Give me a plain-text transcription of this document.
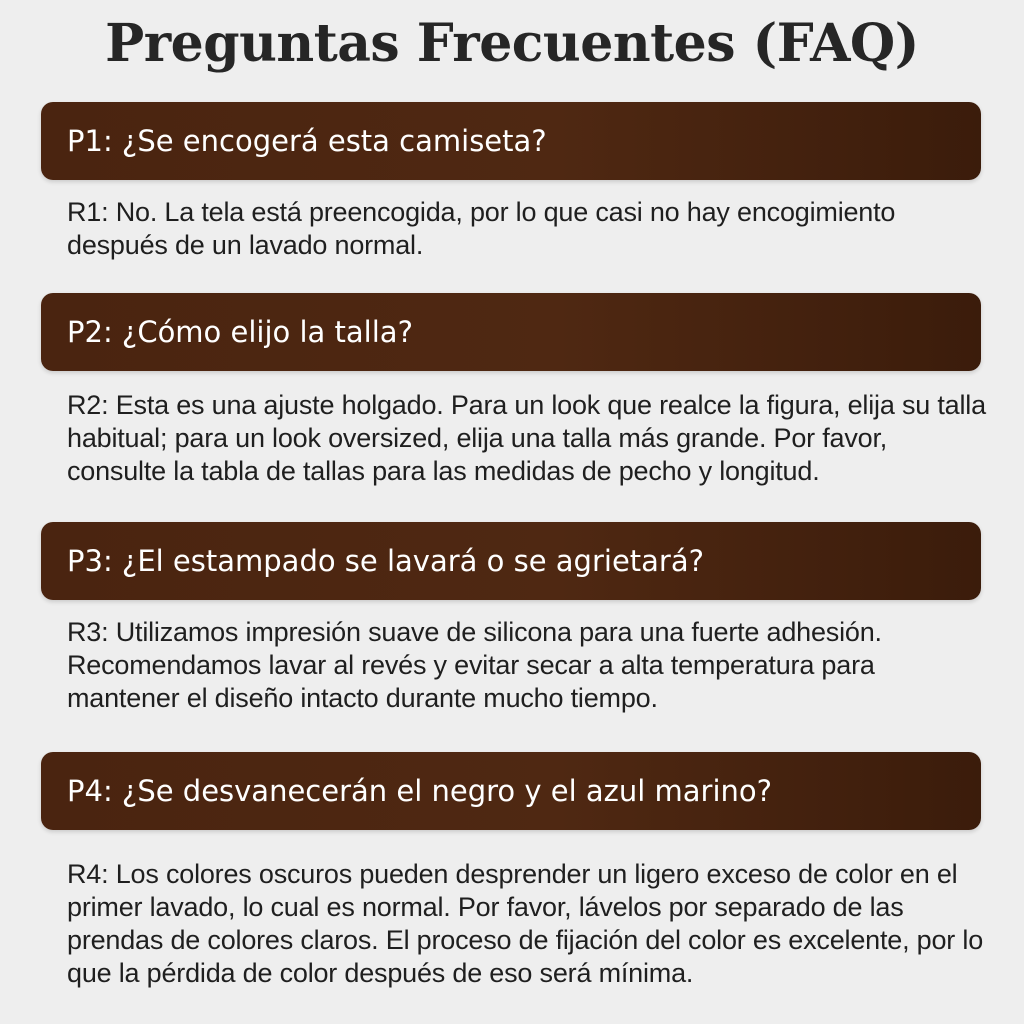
Preguntas Frecuentes (FAQ)
P1: ¿Se encogerá esta camiseta?
R1: No. La tela está preencogida, por lo que casi no hay encogimiento después de un lavado normal.
P2: ¿Cómo elijo la talla?
R2: Esta es una ajuste holgado. Para un look que realce la figura, elija su talla habitual; para un look oversized, elija una talla más grande. Por favor, consulte la tabla de tallas para las medidas de pecho y longitud.
P3: ¿El estampado se lavará o se agrietará?
R3: Utilizamos impresión suave de silicona para una fuerte adhesión. Recomendamos lavar al revés y evitar secar a alta temperatura para mantener el diseño intacto durante mucho tiempo.
P4: ¿Se desvanecerán el negro y el azul marino?
R4: Los colores oscuros pueden desprender un ligero exceso de color en el primer lavado, lo cual es normal. Por favor, lávelos por separado de las prendas de colores claros. El proceso de fijación del color es excelente, por lo que la pérdida de color después de eso será mínima.
